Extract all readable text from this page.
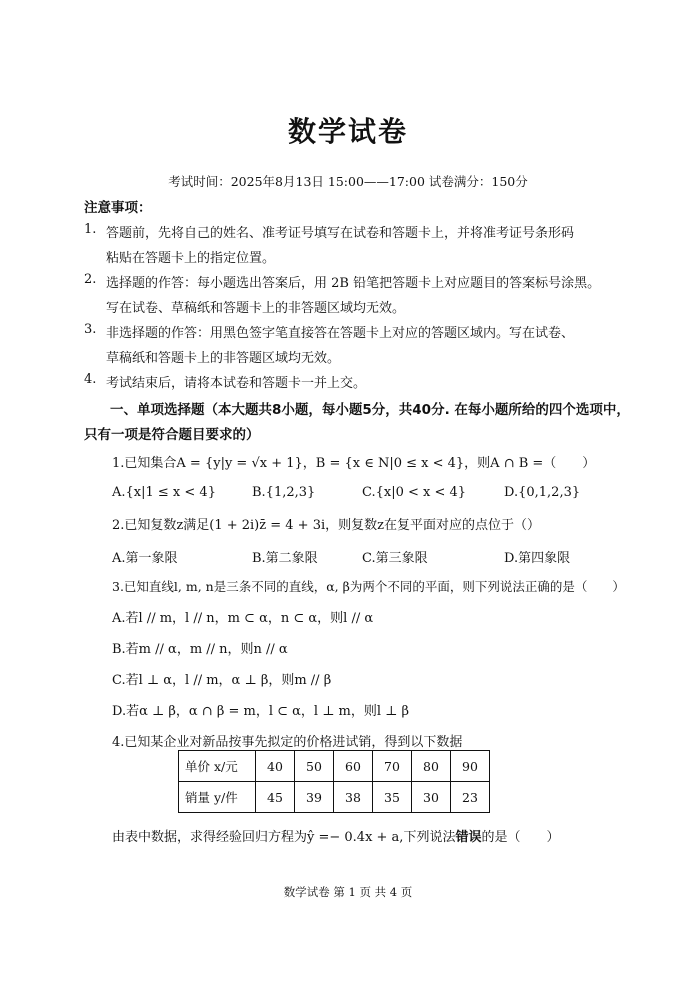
数学试卷
考试时间：2025年8月13日 15:00——17:00 试卷满分：150分
注意事项：
1. 答题前，先将自己的姓名、准考证号填写在试卷和答题卡上，并将准考证号条形码
粘贴在答题卡上的指定位置。
2. 选择题的作答：每小题选出答案后，用 2B 铅笔把答题卡上对应题目的答案标号涂黑。
写在试卷、草稿纸和答题卡上的非答题区域均无效。
3. 非选择题的作答：用黑色签字笔直接答在答题卡上对应的答题区域内。写在试卷、
草稿纸和答题卡上的非答题区域均无效。
4. 考试结束后，请将本试卷和答题卡一并上交。
一、单项选择题（本大题共8小题，每小题5分，共40分. 在每小题所给的四个选项中，
只有一项是符合题目要求的）
1.已知集合A = {y|y = √x + 1}，B = {x ∈ N|0 ≤ x < 4}，则A ∩ B =（　　）
A.{x|1 ≤ x < 4}	B.{1,2,3}	C.{x|0 < x < 4}	D.{0,1,2,3}
2.已知复数z满足(1 + 2i)z̄ = 4 + 3i，则复数z在复平面对应的点位于（）
A.第一象限	B.第二象限	C.第三象限	D.第四象限
3.已知直线l, m, n是三条不同的直线，α, β为两个不同的平面，则下列说法正确的是（　　）
A.若l // m，l // n，m ⊂ α，n ⊂ α，则l // α
B.若m // α，m // n，则n // α
C.若l ⊥ α，l // m，α ⊥ β，则m // β
D.若α ⊥ β，α ∩ β = m，l ⊂ α，l ⊥ m，则l ⊥ β
4.已知某企业对新品按事先拟定的价格进试销，得到以下数据
单价 x/元	40	50	60	70	80	90
销量 y/件	45	39	38	35	30	23
由表中数据，求得经验回归方程为ŷ =− 0.4x + a,下列说法错误的是（　　）
数学试卷 第 1 页 共 4 页
